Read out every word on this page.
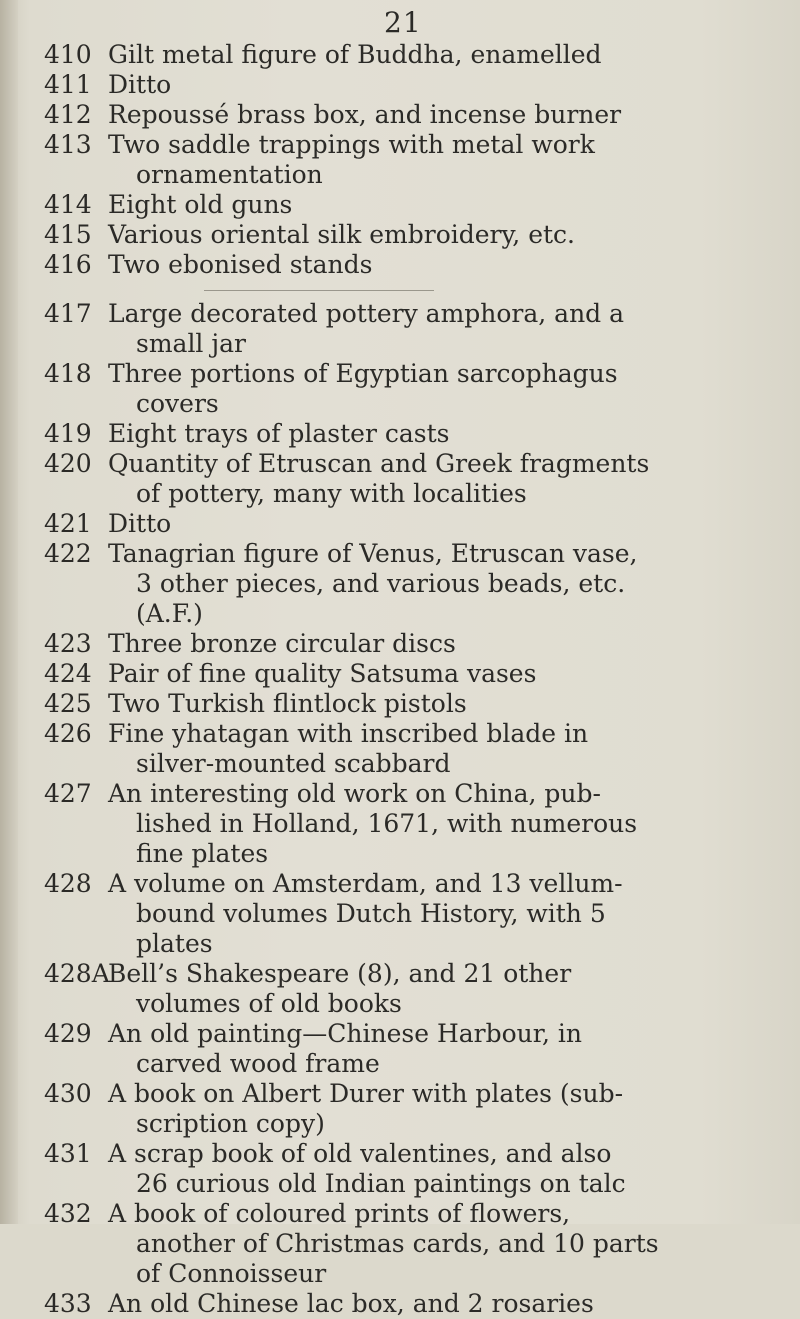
21
410 Gilt metal figure of Buddha, enamelled
411 Ditto
412 Repoussé brass box, and incense burner
413 Two saddle trappings with metal work
ornamentation
414 Eight old guns
415 Various oriental silk embroidery, etc.
416 Two ebonised stands
417 Large decorated pottery amphora, and a
small jar
418 Three portions of Egyptian sarcophagus
covers
419 Eight trays of plaster casts
420 Quantity of Etruscan and Greek fragments
of pottery, many with localities
421 Ditto
422 Tanagrian figure of Venus, Etruscan vase,
3 other pieces, and various beads, etc.
(A.F.)
423 Three bronze circular discs
424 Pair of fine quality Satsuma vases
425 Two Turkish flintlock pistols
426 Fine yhatagan with inscribed blade in
silver-mounted scabbard
427 An interesting old work on China, pub-
lished in Holland, 1671, with numerous
fine plates
428 A volume on Amsterdam, and 13 vellum-
bound volumes Dutch History, with 5
plates
428A
Bell’s Shakespeare (8), and 21 other
volumes of old books
429 An old painting—Chinese Harbour, in
carved wood frame
430 A book on Albert Durer with plates (sub-
scription copy)
431 A scrap book of old valentines, and also
26 curious old Indian paintings on talc
432 A book of coloured prints of flowers,
another of Christmas cards, and 10 parts
of Connoisseur
433 An old Chinese lac box, and 2 rosaries
